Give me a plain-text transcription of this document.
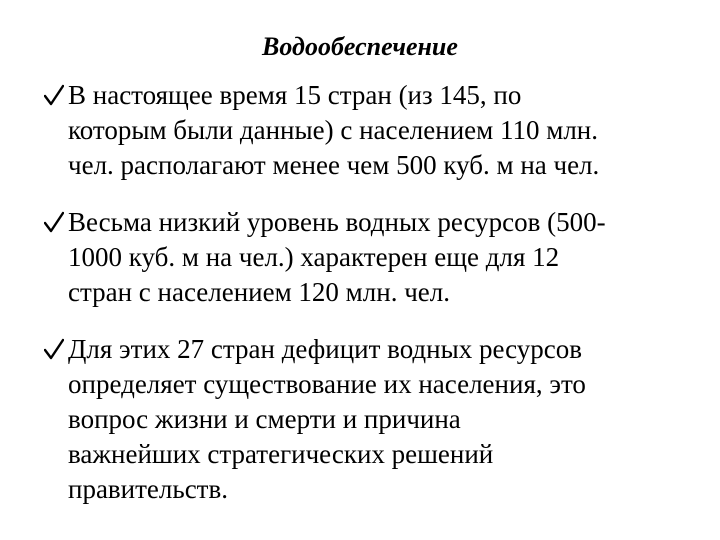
Водообеспечение
В настоящее время 15 стран (из 145, по
которым были данные) с населением 110 млн.
чел. располагают менее чем 500 куб. м на чел.
Весьма низкий уровень водных ресурсов (500-
1000 куб. м на чел.) характерен еще для 12
стран с населением 120 млн. чел.
Для этих 27 стран дефицит водных ресурсов
определяет существование их населения, это
вопрос жизни и смерти и причина
важнейших стратегических решений
правительств.
